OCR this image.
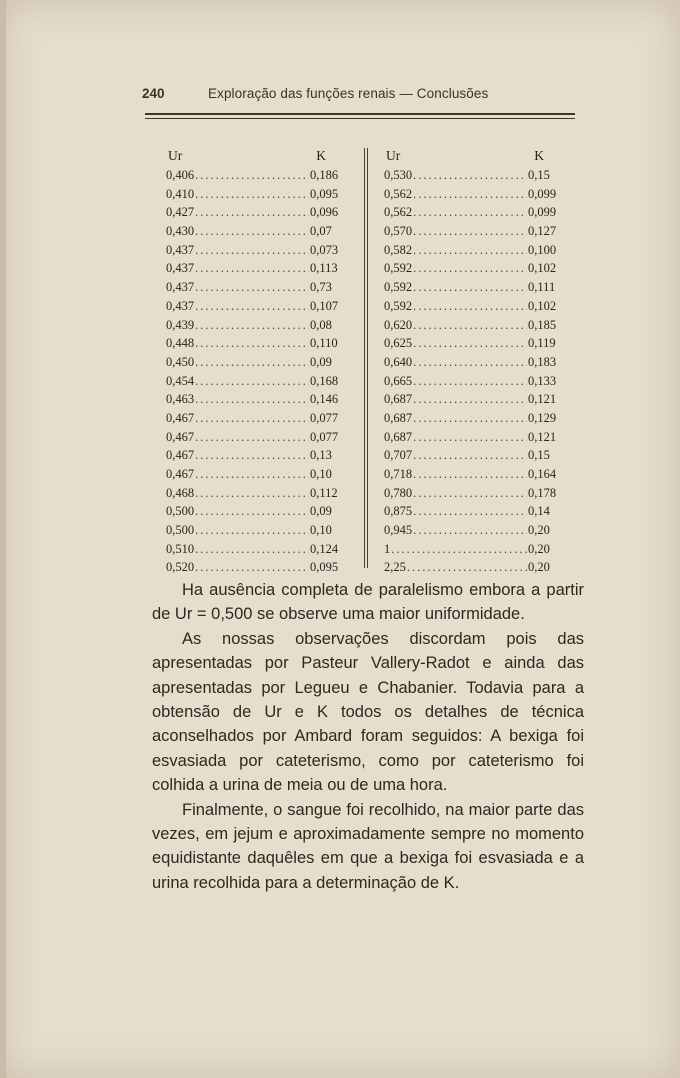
240	Exploração das funções renais — Conclusões
Ur	K
0,406 .....	0,186
0,410 .....	0,095
0,427 .....	0,096
0,430 .....	0,07
0,437 .....	0,073
0,437 .....	0,113
0,437 .....	0,73
0,437 .....	0,107
0,439 .....	0,08
0,448 .....	0,110
0,450 .....	0,09
0,454 .....	0,168
0,463 .....	0,146
0,467 .....	0,077
0,467 .....	0,077
0,467 .....	0,13
0,467 .....	0,10
0,468 .....	0,112
0,500 .....	0,09
0,500 .....	0,10
0,510 .....	0,124
0,520 .....	0,095
Ur	K
0,530 .....	0,15
0,562 .....	0,099
0,562 .....	0,099
0,570 .....	0,127
0,582 .....	0,100
0,592 .....	0,102
0,592 .....	0,111
0,592 .....	0,102
0,620 .....	0,185
0,625 .....	0,119
0,640 .....	0,183
0,665 .....	0,133
0,687 .....	0,121
0,687 .....	0,129
0,687 .....	0,121
0,707 .....	0,15
0,718 .....	0,164
0,780 .....	0,178
0,875 .....	0,14
0,945 .....	0,20
1 .....	0,20
2,25 .....	0,20

Ha ausência completa de paralelismo embora a partir de Ur = 0,500 se observe uma maior uniformidade.

As nossas observações discordam pois das apresentadas por Pasteur Vallery-Radot e ainda das apresentadas por Legueu e Chabanier. Todavia para a obtensão de Ur e K todos os detalhes de técnica aconselhados por Ambard foram seguidos: A bexiga foi esvasiada por cateterismo, como por cateterismo foi colhida a urina de meia ou de uma hora.

Finalmente, o sangue foi recolhido, na maior parte das vezes, em jejum e aproximadamente sempre no momento equidistante daquêles em que a bexiga foi esvasiada e a urina recolhida para a determinação de K.
